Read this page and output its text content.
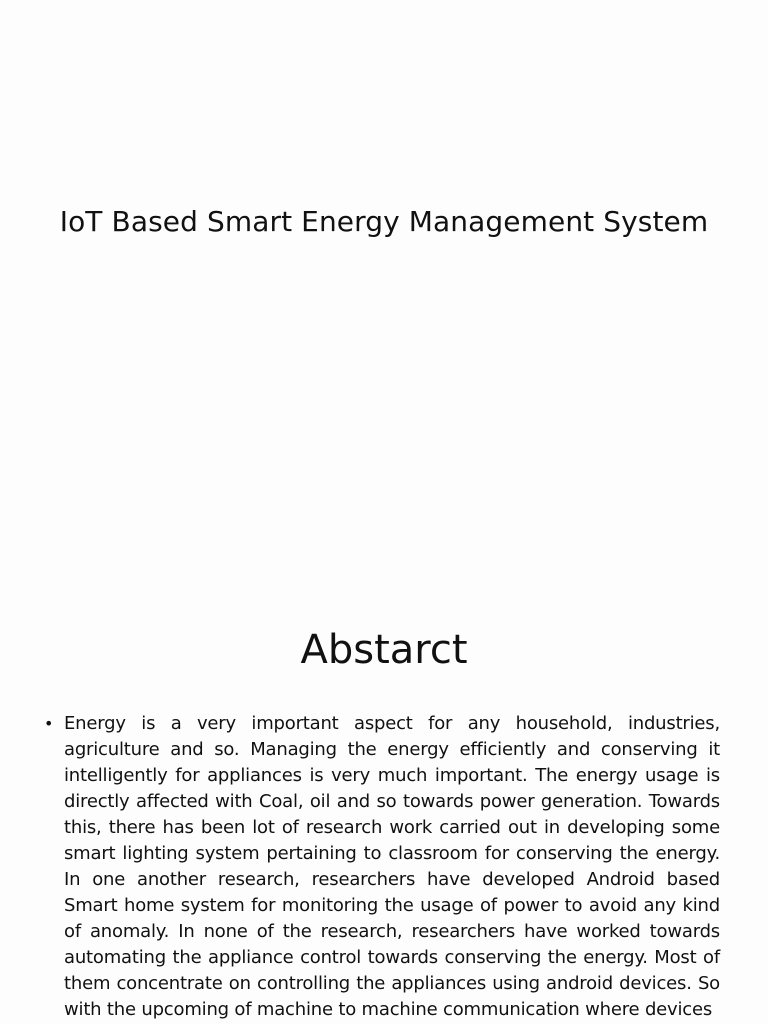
IoT Based Smart Energy Management System
Abstarct
• Energy is a very important aspect for any household, industries, agriculture and so. Managing the energy efficiently and conserving it intelligently for appliances is very much important. The energy usage is directly affected with Coal, oil and so towards power generation. Towards this, there has been lot of research work carried out in developing some smart lighting system pertaining to classroom for conserving the energy. In one another research, researchers have developed Android based Smart home system for monitoring the usage of power to avoid any kind of anomaly. In none of the research, researchers have worked towards automating the appliance control towards conserving the energy. Most of them concentrate on controlling the appliances using android devices. So with the upcoming of machine to machine communication where devices
